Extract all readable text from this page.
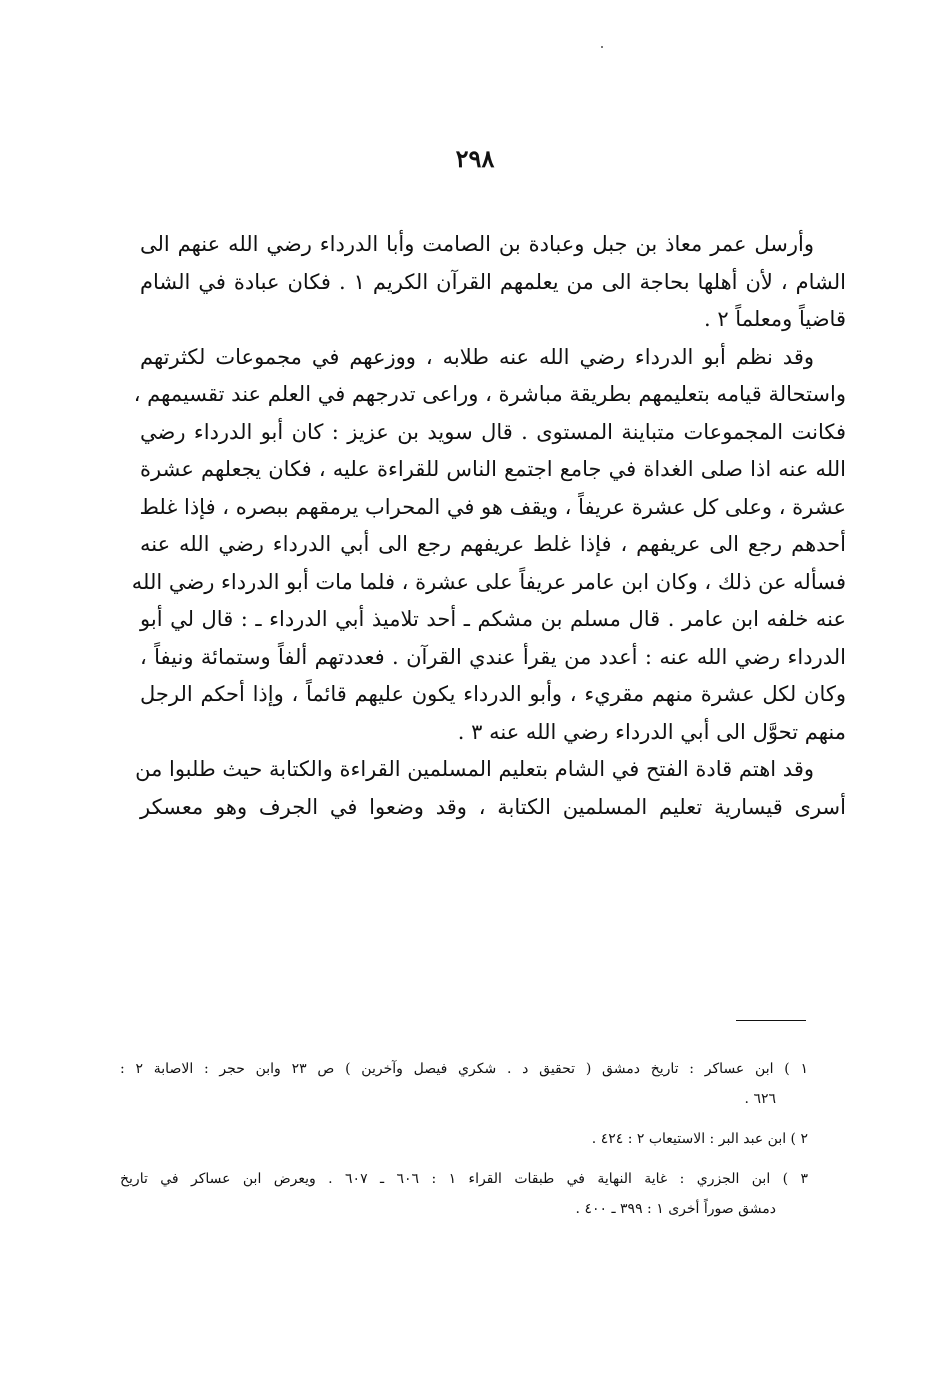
٢٩٨
وأرسل عمر معاذ بن جبل وعبادة بن الصامت وأبا الدرداء رضي الله عنهم الى
الشام ، لأن أهلها بحاجة الى من يعلمهم القرآن الكريم ١ . فكان عبادة في الشام
قاضياً ومعلماً ٢ .
وقد نظم أبو الدرداء رضي الله عنه طلابه ، ووزعهم في مجموعات لكثرتهم
واستحالة قيامه بتعليمهم بطريقة مباشرة ، وراعى تدرجهم في العلم عند تقسيمهم ،
فكانت المجموعات متباينة المستوى . قال سويد بن عزيز : كان أبو الدرداء رضي
الله عنه اذا صلى الغداة في جامع اجتمع الناس للقراءة عليه ، فكان يجعلهم عشرة
عشرة ، وعلى كل عشرة عريفاً ، ويقف هو في المحراب يرمقهم ببصره ، فإذا غلط
أحدهم رجع الى عريفهم ، فإذا غلط عريفهم رجع الى أبي الدرداء رضي الله عنه
فسأله عن ذلك ، وكان ابن عامر عريفاً على عشرة ، فلما مات أبو الدرداء رضي الله
عنه خلفه ابن عامر . قال مسلم بن مشكم ـ أحد تلاميذ أبي الدرداء ـ : قال لي أبو
الدرداء رضي الله عنه : أعدد من يقرأ عندي القرآن . فعددتهم ألفاً وستمائة ونيفاً ،
وكان لكل عشرة منهم مقريء ، وأبو الدرداء يكون عليهم قائماً ، وإذا أحكم الرجل
منهم تحوَّل الى أبي الدرداء رضي الله عنه ٣ .
وقد اهتم قادة الفتح في الشام بتعليم المسلمين القراءة والكتابة حيث طلبوا من
أسرى قيسارية تعليم المسلمين الكتابة ، وقد وضعوا في الجرف وهو معسكر
١ ) ابن عساكر : تاريخ دمشق ( تحقيق د . شكري فيصل وآخرين ) ص ٢٣ وابن حجر : الاصابة ٢ :
٦٢٦ .
٢ ) ابن عبد البر : الاستيعاب ٢ : ٤٢٤ .
٣ ) ابن الجزري : غاية النهاية في طبقات القراء ١ : ٦٠٦ ـ ٦٠٧ . ويعرض ابن عساكر في تاريخ
دمشق صوراً أخرى ١ : ٣٩٩ ـ ٤٠٠ .
